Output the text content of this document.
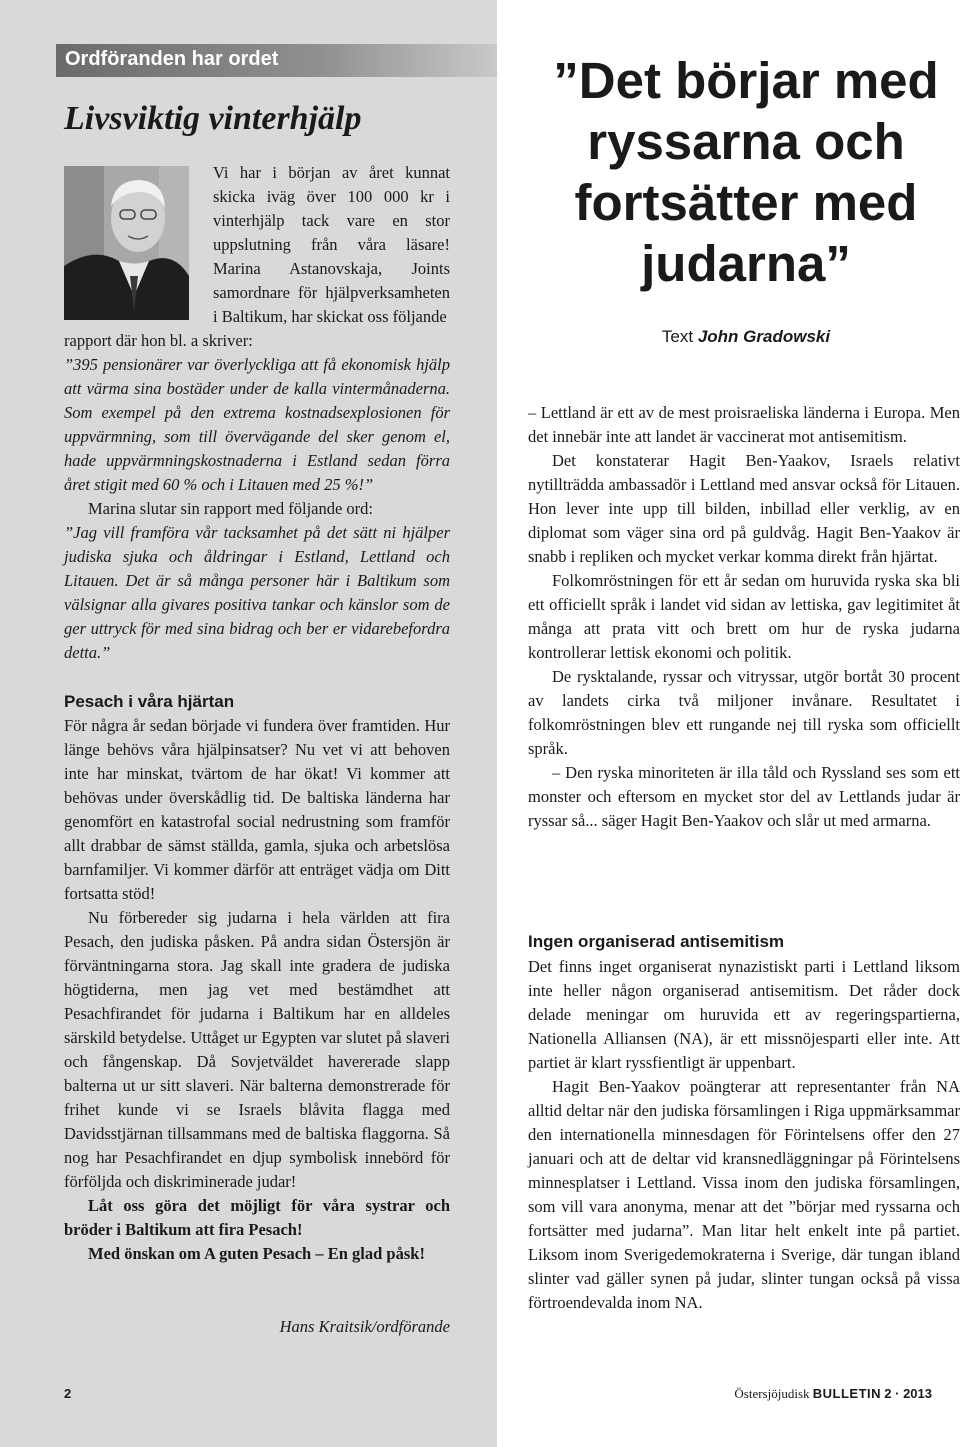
Ordföranden har ordet
Livsviktig vinterhjälp

Vi har i början av året kunnat skicka iväg över 100 000 kr i vinterhjälp tack vare en stor uppslutning från våra läsare! Marina Astanovskaja, Joints samordnare för hjälpverksamheten i Baltikum, har skickat oss följande

rapport där hon bl. a skriver:

”395 pensionärer var överlyckliga att få ekonomisk hjälp att värma sina bostäder under de kalla vintermånaderna. Som exempel på den extrema kostnadsexplosionen för uppvärmning, som till övervägande del sker genom el, hade uppvärmningskostnaderna i Estland sedan förra året stigit med 60 % och i Litauen med 25 %!”

Marina slutar sin rapport med följande ord:

”Jag vill framföra vår tacksamhet på det sätt ni hjälper judiska sjuka och åldringar i Estland, Lettland och Litauen. Det är så många personer här i Baltikum som välsignar alla givares positiva tankar och känslor som de ger uttryck för med sina bidrag och ber er vidarebefordra detta.”

Pesach i våra hjärtan

För några år sedan började vi fundera över framtiden. Hur länge behövs våra hjälpinsatser? Nu vet vi att behoven inte har minskat, tvärtom de har ökat! Vi kommer att behövas under överskådlig tid. De baltiska länderna har genomfört en katastrofal social nedrustning som framför allt drabbar de sämst ställda, gamla, sjuka och arbetslösa barnfamiljer. Vi kommer därför att enträget vädja om Ditt fortsatta stöd!

Nu förbereder sig judarna i hela världen att fira Pesach, den judiska påsken. På andra sidan Östersjön är förväntningarna stora. Jag skall inte gradera de judiska högtiderna, men jag vet med bestämdhet att Pesachfirandet för judarna i Baltikum har en alldeles särskild betydelse. Uttåget ur Egypten var slutet på slaveri och fångenskap. Då Sovjetväldet havererade slapp balterna ut ur sitt slaveri. När balterna demonstrerade för frihet kunde vi se Israels blåvita flagga med Davidsstjärnan tillsammans med de baltiska flaggorna. Så nog har Pesachfirandet en djup symbolisk innebörd för förföljda och diskriminerade judar!

Låt oss göra det möjligt för våra systrar och bröder i Baltikum att fira Pesach!

Med önskan om A guten Pesach – En glad påsk!

Hans Kraitsik/ordförande
2
”Det börjar med ryssarna och fortsätter med judarna”
Text John Gradowski

– Lettland är ett av de mest proisraeliska länderna i Europa. Men det innebär inte att landet är vaccinerat mot antisemitism.

Det konstaterar Hagit Ben-Yaakov, Israels relativt nytillträdda ambassadör i Lettland med ansvar också för Litauen. Hon lever inte upp till bilden, inbillad eller verklig, av en diplomat som väger sina ord på guldvåg. Hagit Ben-Yaakov är snabb i repliken och mycket verkar komma direkt från hjärtat.

Folkomröstningen för ett år sedan om huruvida ryska ska bli ett officiellt språk i landet vid sidan av lettiska, gav legitimitet åt många att prata vitt och brett om hur de ryska judarna kontrollerar lettisk ekonomi och politik.

De rysktalande, ryssar och vitryssar, utgör bortåt 30 procent av landets cirka två miljoner invånare. Resultatet i folkomröstningen blev ett rungande nej till ryska som officiellt språk.

– Den ryska minoriteten är illa tåld och Ryssland ses som ett monster och eftersom en mycket stor del av Lettlands judar är ryssar så... säger Hagit Ben-Yaakov och slår ut med armarna.

Ingen organiserad antisemitism

Det finns inget organiserat nynazistiskt parti i Lettland liksom inte heller någon organiserad antisemitism. Det råder dock delade meningar om huruvida ett av regeringspartierna, Nationella Alliansen (NA), är ett missnöjesparti eller inte. Att partiet är klart ryssfientligt är uppenbart.

Hagit Ben-Yaakov poängterar att representanter från NA alltid deltar när den judiska församlingen i Riga uppmärksammar den internationella minnesdagen för Förintelsens offer den 27 januari och att de deltar vid kransnedläggningar på Förintelsens minnesplatser i Lettland. Vissa inom den judiska församlingen, som vill vara anonyma, menar att det ”börjar med ryssarna och fortsätter med judarna”. Man litar helt enkelt inte på partiet. Liksom inom Sverigedemokraterna i Sverige, där tungan ibland slinter vad gäller synen på judar, slinter tungan också på vissa förtroendevalda inom NA.

Östersjöjudisk BULLETIN 2 · 2013
